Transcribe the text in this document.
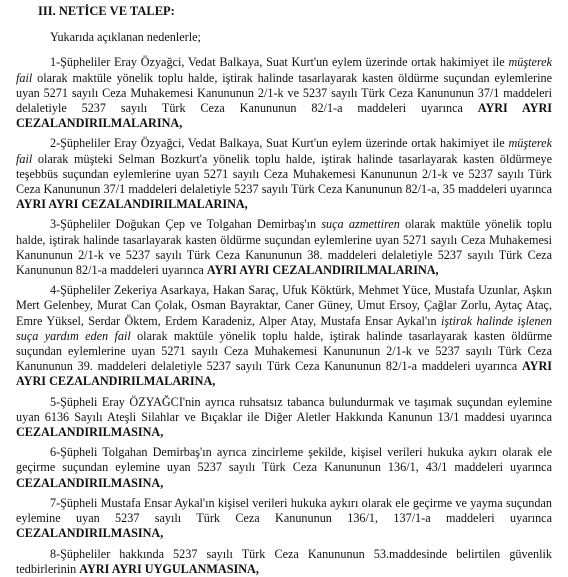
III. NETİCE VE TALEP:

Yukarıda açıklanan nedenlerle;

1-Şüpheliler Eray Özyağci, Vedat Balkaya, Suat Kurt'un eylem üzerinde ortak hakimiyet ile müşterek fail olarak maktüle yönelik toplu halde, iştirak halinde tasarlayarak kasten öldürme suçundan eylemlerine uyan 5271 sayılı Ceza Muhakemesi Kanununun 2/1-k ve 5237 sayılı Türk Ceza Kanununun 37/1 maddeleri delaletiyle 5237 sayılı Türk Ceza Kanununun 82/1-a maddeleri uyarınca AYRI AYRI CEZALANDIRILMALARINA,

2-Şüpheliler Eray Özyağci, Vedat Balkaya, Suat Kurt'un eylem üzerinde ortak hakimiyet ile müşterek fail olarak müşteki Selman Bozkurt'a yönelik toplu halde, iştirak halinde tasarlayarak kasten öldürmeye teşebbüs suçundan eylemlerine uyan 5271 sayılı Ceza Muhakemesi Kanununun 2/1-k ve 5237 sayılı Türk Ceza Kanununun 37/1 maddeleri delaletiyle 5237 sayılı Türk Ceza Kanununun 82/1-a, 35 maddeleri uyarınca AYRI AYRI CEZALANDIRILMALARINA,

3-Şüpheliler Doğukan Çep ve Tolgahan Demirbaş'ın suça azmettiren olarak maktüle yönelik toplu halde, iştirak halinde tasarlayarak kasten öldürme suçundan eylemlerine uyan 5271 sayılı Ceza Muhakemesi Kanununun 2/1-k ve 5237 sayılı Türk Ceza Kanununun 38. maddeleri delaletiyle 5237 sayılı Türk Ceza Kanununun 82/1-a maddeleri uyarınca AYRI AYRI CEZALANDIRILMALARINA,

4-Şüpheliler Zekeriya Asarkaya, Hakan Saraç, Ufuk Köktürk, Mehmet Yüce, Mustafa Uzunlar, Aşkın Mert Gelenbey, Murat Can Çolak, Osman Bayraktar, Caner Güney, Umut Ersoy, Çağlar Zorlu, Aytaç Ataç, Emre Yüksel, Serdar Öktem, Erdem Karadeniz, Alper Atay, Mustafa Ensar Aykal'ın iştirak halinde işlenen suça yardım eden fail olarak maktüle yönelik toplu halde, iştirak halinde tasarlayarak kasten öldürme suçundan eylemlerine uyan 5271 sayılı Ceza Muhakemesi Kanununun 2/1-k ve 5237 sayılı Türk Ceza Kanununun 39. maddeleri delaletiyle 5237 sayılı Türk Ceza Kanununun 82/1-a maddeleri uyarınca AYRI AYRI CEZALANDIRILMALARINA,

5-Şüpheli Eray ÖZYAĞCI'nin ayrıca ruhsatsız tabanca bulundurmak ve taşımak suçundan eylemine uyan 6136 Sayılı Ateşli Silahlar ve Bıçaklar ile Diğer Aletler Hakkında Kanunun 13/1 maddesi uyarınca CEZALANDIRILMASINA,

6-Şüpheli Tolgahan Demirbaş'ın ayrıca zincirleme şekilde, kişisel verileri hukuka aykırı olarak ele geçirme suçundan eylemine uyan 5237 sayılı Türk Ceza Kanununun 136/1, 43/1 maddeleri uyarınca CEZALANDIRILMASINA,

7-Şüpheli Mustafa Ensar Aykal'ın kişisel verileri hukuka aykırı olarak ele geçirme ve yayma suçundan eylemine uyan 5237 sayılı Türk Ceza Kanununun 136/1, 137/1-a maddeleri uyarınca CEZALANDIRILMASINA,

8-Şüpheliler hakkında 5237 sayılı Türk Ceza Kanununun 53.maddesinde belirtilen güvenlik tedbirlerinin AYRI AYRI UYGULANMASINA,
